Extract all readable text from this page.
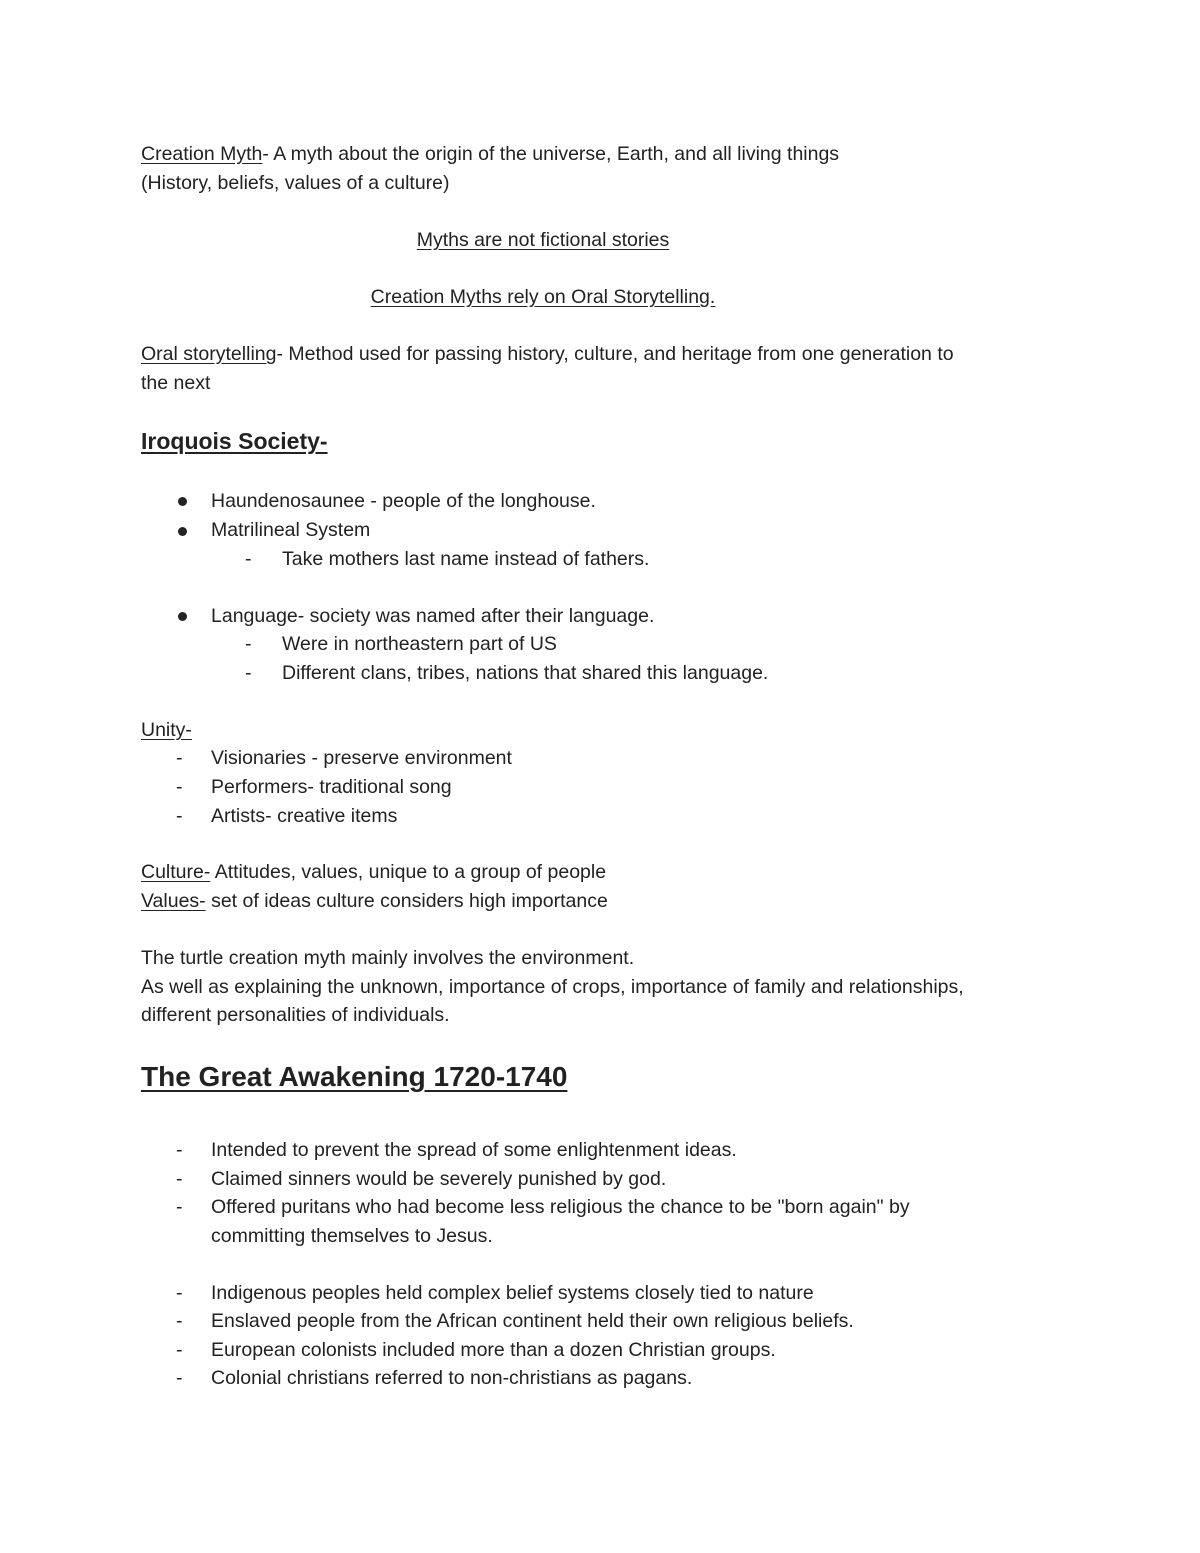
Creation Myth- A myth about the origin of the universe, Earth, and all living things
(History, beliefs, values of a culture)
Myths are not fictional stories
Creation Myths rely on Oral Storytelling.
Oral storytelling- Method used for passing history, culture, and heritage from one generation to
the next
Iroquois Society-
Haundenosaunee - people of the longhouse.
Matrilineal System
- Take mothers last name instead of fathers.
Language- society was named after their language.
- Were in northeastern part of US
- Different clans, tribes, nations that shared this language.
Unity-
- Visionaries - preserve environment
- Performers- traditional song
- Artists- creative items
Culture- Attitudes, values, unique to a group of people
Values- set of ideas culture considers high importance
The turtle creation myth mainly involves the environment.
As well as explaining the unknown, importance of crops, importance of family and relationships,
different personalities of individuals.
The Great Awakening 1720-1740
- Intended to prevent the spread of some enlightenment ideas.
- Claimed sinners would be severely punished by god.
- Offered puritans who had become less religious the chance to be "born again" by
committing themselves to Jesus.
- Indigenous peoples held complex belief systems closely tied to nature
- Enslaved people from the African continent held their own religious beliefs.
- European colonists included more than a dozen Christian groups.
- Colonial christians referred to non-christians as pagans.
